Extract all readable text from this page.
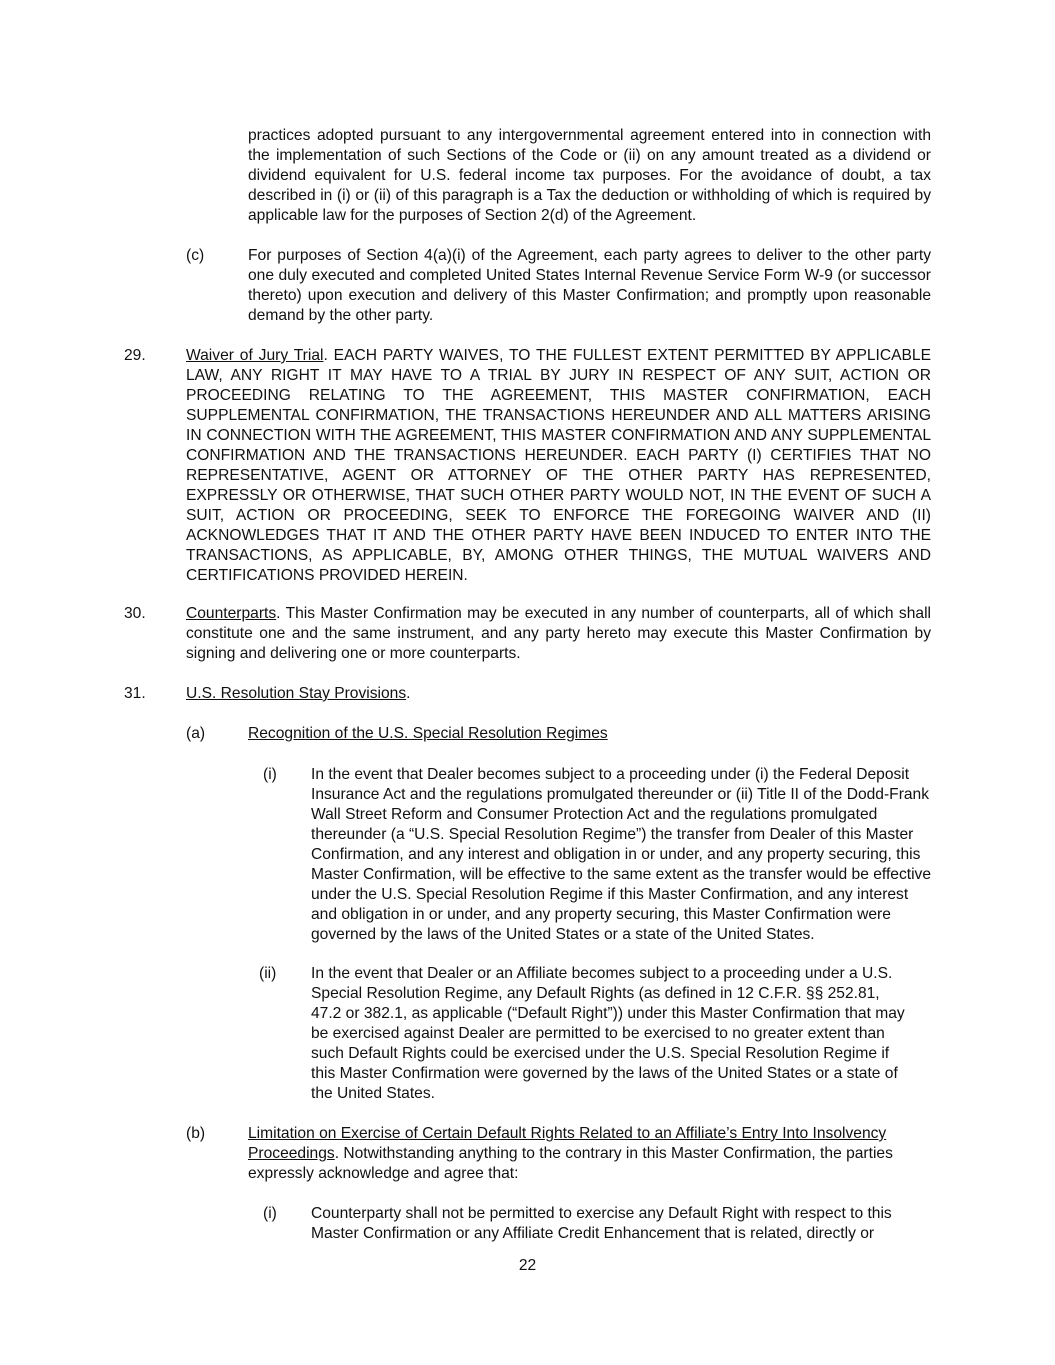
practices adopted pursuant to any intergovernmental agreement entered into in connection with the implementation of such Sections of the Code or (ii) on any amount treated as a dividend or dividend equivalent for U.S. federal income tax purposes. For the avoidance of doubt, a tax described in (i) or (ii) of this paragraph is a Tax the deduction or withholding of which is required by applicable law for the purposes of Section 2(d) of the Agreement.

(c)	For purposes of Section 4(a)(i) of the Agreement, each party agrees to deliver to the other party one duly executed and completed United States Internal Revenue Service Form W-9 (or successor thereto) upon execution and delivery of this Master Confirmation; and promptly upon reasonable demand by the other party.

29.	Waiver of Jury Trial. EACH PARTY WAIVES, TO THE FULLEST EXTENT PERMITTED BY APPLICABLE LAW, ANY RIGHT IT MAY HAVE TO A TRIAL BY JURY IN RESPECT OF ANY SUIT, ACTION OR PROCEEDING RELATING TO THE AGREEMENT, THIS MASTER CONFIRMATION, EACH SUPPLEMENTAL CONFIRMATION, THE TRANSACTIONS HEREUNDER AND ALL MATTERS ARISING IN CONNECTION WITH THE AGREEMENT, THIS MASTER CONFIRMATION AND ANY SUPPLEMENTAL CONFIRMATION AND THE TRANSACTIONS HEREUNDER. EACH PARTY (I) CERTIFIES THAT NO REPRESENTATIVE, AGENT OR ATTORNEY OF THE OTHER PARTY HAS REPRESENTED, EXPRESSLY OR OTHERWISE, THAT SUCH OTHER PARTY WOULD NOT, IN THE EVENT OF SUCH A SUIT, ACTION OR PROCEEDING, SEEK TO ENFORCE THE FOREGOING WAIVER AND (II) ACKNOWLEDGES THAT IT AND THE OTHER PARTY HAVE BEEN INDUCED TO ENTER INTO THE TRANSACTIONS, AS APPLICABLE, BY, AMONG OTHER THINGS, THE MUTUAL WAIVERS AND CERTIFICATIONS PROVIDED HEREIN.

30.	Counterparts. This Master Confirmation may be executed in any number of counterparts, all of which shall constitute one and the same instrument, and any party hereto may execute this Master Confirmation by signing and delivering one or more counterparts.

31.	U.S. Resolution Stay Provisions.

(a)	Recognition of the U.S. Special Resolution Regimes

(i) In the event that Dealer becomes subject to a proceeding under (i) the Federal Deposit Insurance Act and the regulations promulgated thereunder or (ii) Title II of the Dodd-Frank Wall Street Reform and Consumer Protection Act and the regulations promulgated thereunder (a “U.S. Special Resolution Regime”) the transfer from Dealer of this Master Confirmation, and any interest and obligation in or under, and any property securing, this Master Confirmation, will be effective to the same extent as the transfer would be effective under the U.S. Special Resolution Regime if this Master Confirmation, and any interest and obligation in or under, and any property securing, this Master Confirmation were governed by the laws of the United States or a state of the United States.

(ii) In the event that Dealer or an Affiliate becomes subject to a proceeding under a U.S. Special Resolution Regime, any Default Rights (as defined in 12 C.F.R. §§ 252.81, 47.2 or 382.1, as applicable (“Default Right”)) under this Master Confirmation that may be exercised against Dealer are permitted to be exercised to no greater extent than such Default Rights could be exercised under the U.S. Special Resolution Regime if this Master Confirmation were governed by the laws of the United States or a state of the United States.

(b)	Limitation on Exercise of Certain Default Rights Related to an Affiliate’s Entry Into Insolvency Proceedings. Notwithstanding anything to the contrary in this Master Confirmation, the parties expressly acknowledge and agree that:

(i) Counterparty shall not be permitted to exercise any Default Right with respect to this Master Confirmation or any Affiliate Credit Enhancement that is related, directly or

22
